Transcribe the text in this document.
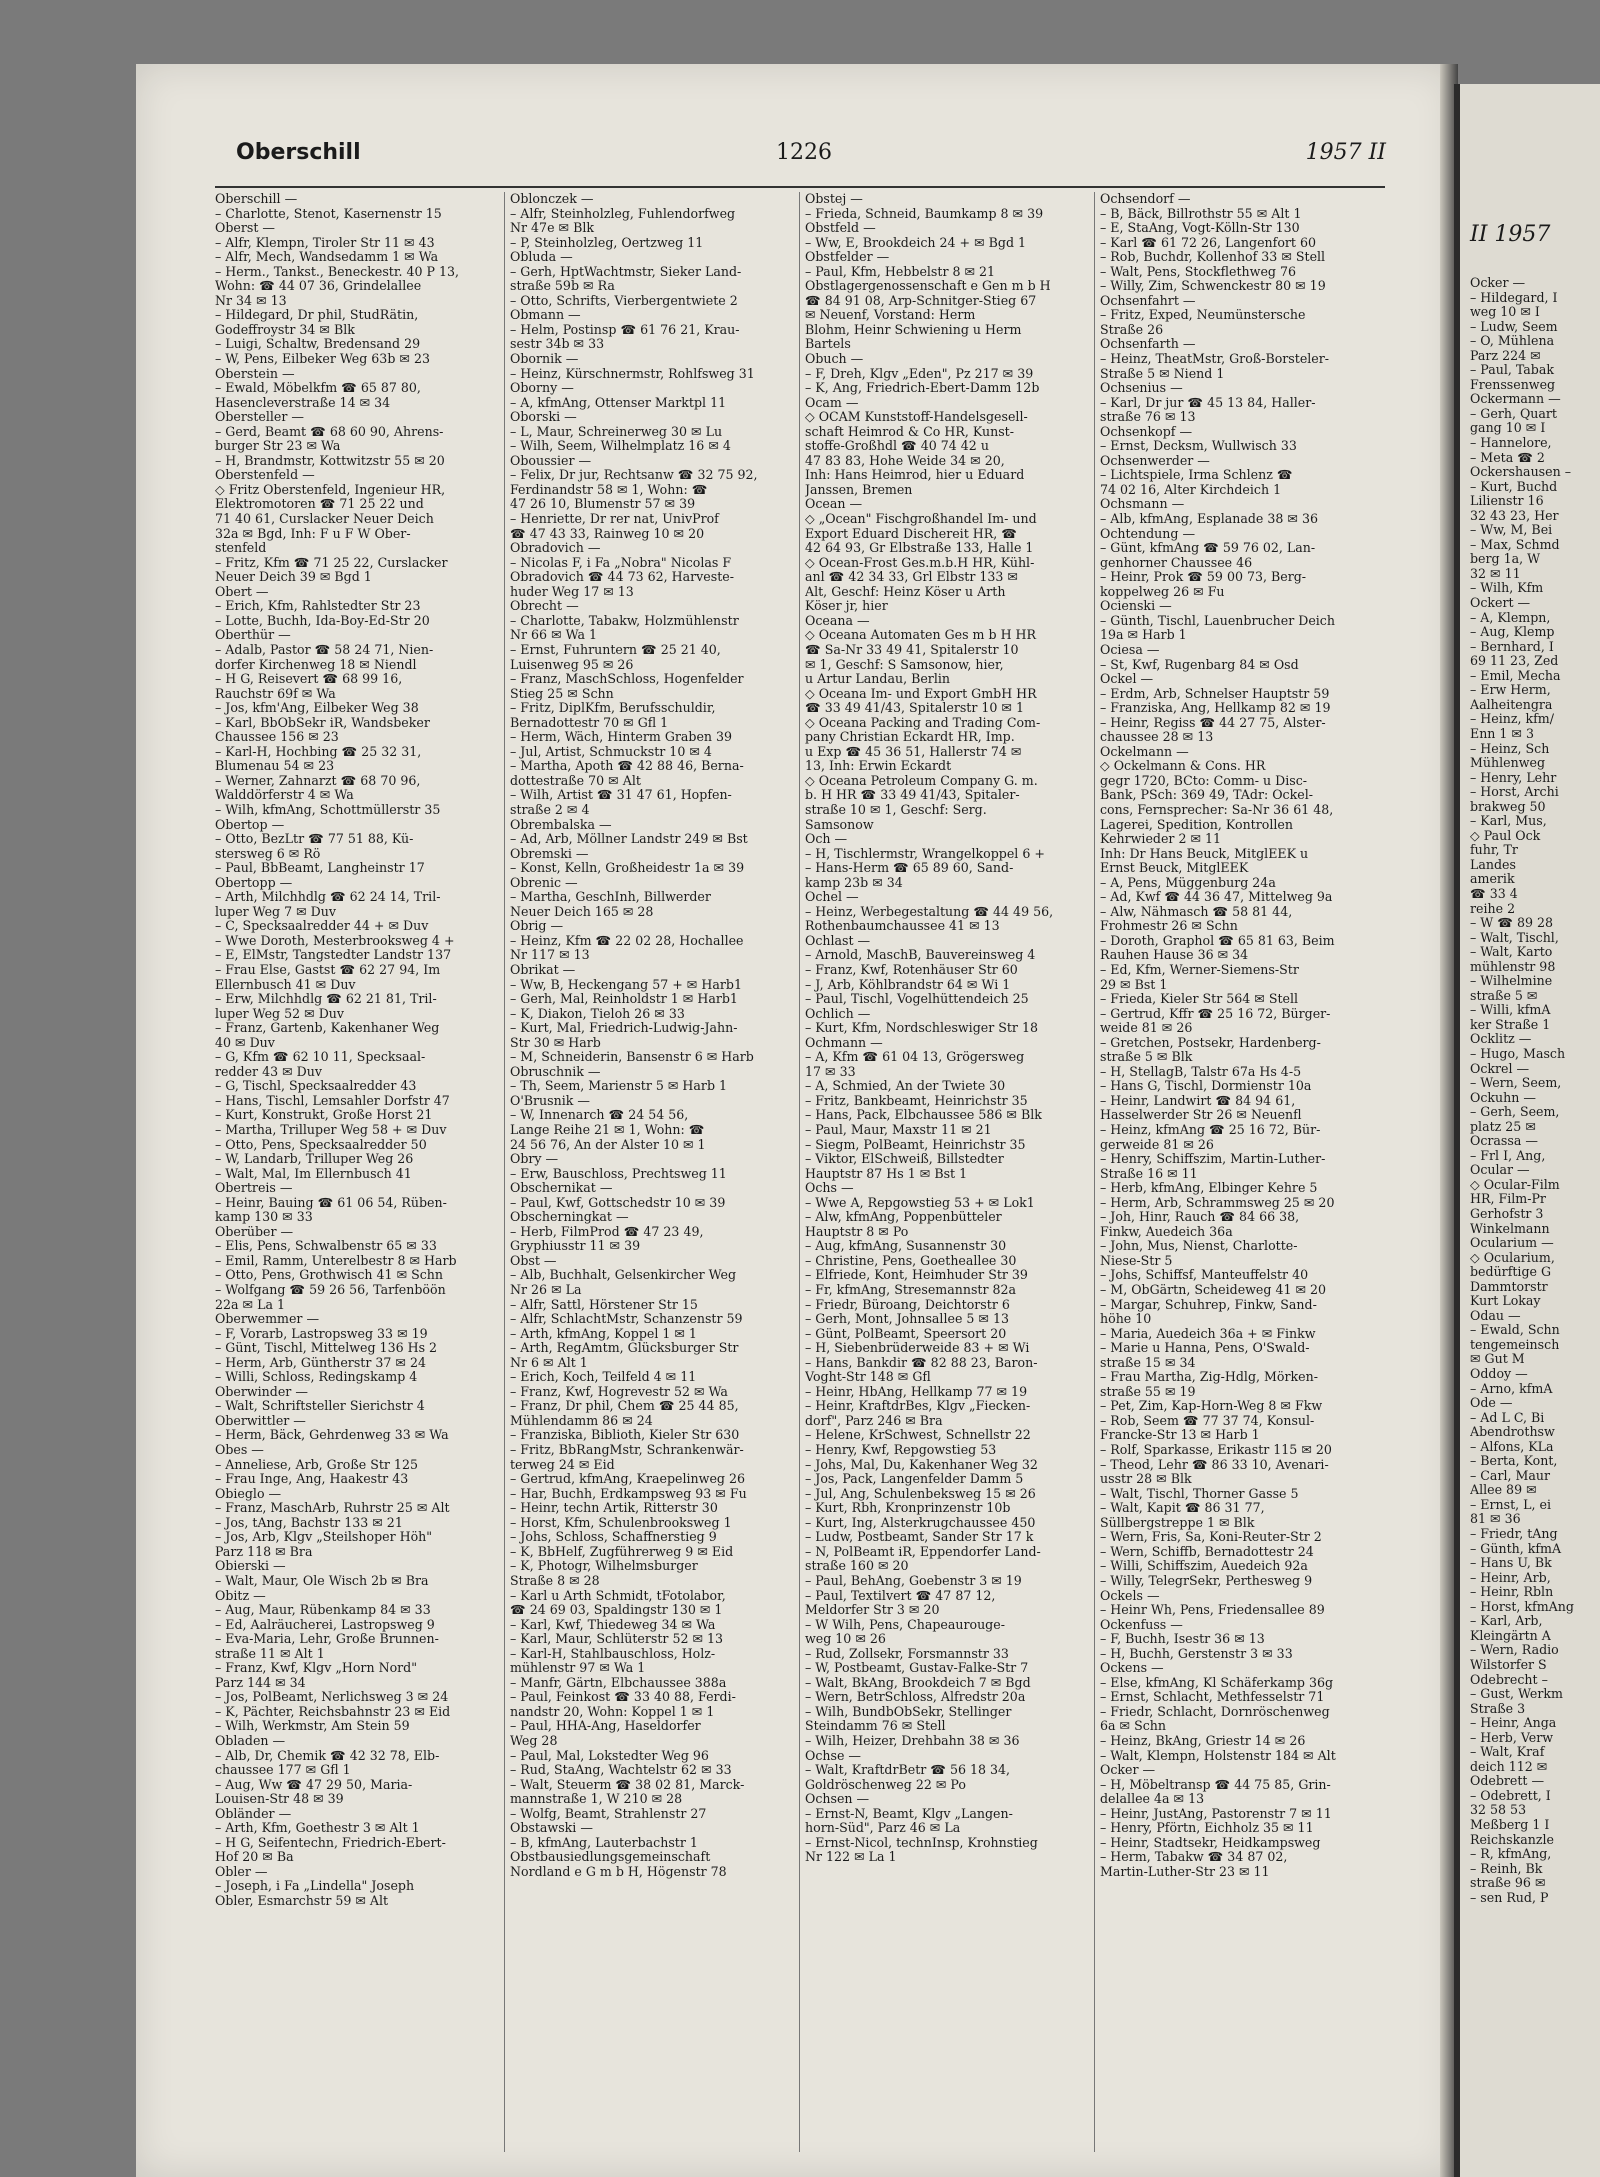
Oberschill	1226	1957 II
Oberschill —
– Charlotte, Stenot, Kasernenstr 15
Oberst —
– Alfr, Klempn, Tiroler Str 11 ✉ 43
– Alfr, Mech, Wandsedamm 1 ✉ Wa
– Herm., Tankst., Beneckestr. 40 P 13,
Wohn: ☎ 44 07 36, Grindelallee
Nr 34 ✉ 13
– Hildegard, Dr phil, StudRätin,
Godeffroystr 34 ✉ Blk
– Luigi, Schaltw, Bredensand 29
– W, Pens, Eilbeker Weg 63b ✉ 23
Oberstein —
– Ewald, Möbelkfm ☎ 65 87 80,
Hasencleverstraße 14 ✉ 34
Obersteller —
– Gerd, Beamt ☎ 68 60 90, Ahrens-
burger Str 23 ✉ Wa
– H, Brandmstr, Kottwitzstr 55 ✉ 20
Oberstenfeld —
◇ Fritz Oberstenfeld, Ingenieur HR,
Elektromotoren ☎ 71 25 22 und
71 40 61, Curslacker Neuer Deich
32a ✉ Bgd, Inh: F u F W Ober-
stenfeld
– Fritz, Kfm ☎ 71 25 22, Curslacker
Neuer Deich 39 ✉ Bgd 1
Obert —
– Erich, Kfm, Rahlstedter Str 23
– Lotte, Buchh, Ida-Boy-Ed-Str 20
Oberthür —
– Adalb, Pastor ☎ 58 24 71, Nien-
dorfer Kirchenweg 18 ✉ Niendl
– H G, Reisevert ☎ 68 99 16,
Rauchstr 69f ✉ Wa
– Jos, kfm'Ang, Eilbeker Weg 38
– Karl, BbObSekr iR, Wandsbeker
Chaussee 156 ✉ 23
– Karl-H, Hochbing ☎ 25 32 31,
Blumenau 54 ✉ 23
– Werner, Zahnarzt ☎ 68 70 96,
Walddörferstr 4 ✉ Wa
– Wilh, kfmAng, Schottmüllerstr 35
Obertop —
– Otto, BezLtr ☎ 77 51 88, Kü-
stersweg 6 ✉ Rö
– Paul, BbBeamt, Langheinstr 17
Obertopp —
– Arth, Milchhdlg ☎ 62 24 14, Tril-
luper Weg 7 ✉ Duv
– C, Specksaalredder 44 + ✉ Duv
– Wwe Doroth, Mesterbrooksweg 4 +
– E, ElMstr, Tangstedter Landstr 137
– Frau Else, Gastst ☎ 62 27 94, Im
Ellernbusch 41 ✉ Duv
– Erw, Milchhdlg ☎ 62 21 81, Tril-
luper Weg 52 ✉ Duv
– Franz, Gartenb, Kakenhaner Weg
40 ✉ Duv
– G, Kfm ☎ 62 10 11, Specksaal-
redder 43 ✉ Duv
– G, Tischl, Specksaalredder 43
– Hans, Tischl, Lemsahler Dorfstr 47
– Kurt, Konstrukt, Große Horst 21
– Martha, Trilluper Weg 58 + ✉ Duv
– Otto, Pens, Specksaalredder 50
– W, Landarb, Trilluper Weg 26
– Walt, Mal, Im Ellernbusch 41
Obertreis —
– Heinr, Bauing ☎ 61 06 54, Rüben-
kamp 130 ✉ 33
Oberüber —
– Elis, Pens, Schwalbenstr 65 ✉ 33
– Emil, Ramm, Unterelbestr 8 ✉ Harb
– Otto, Pens, Grothwisch 41 ✉ Schn
– Wolfgang ☎ 59 26 56, Tarfenböön
22a ✉ La 1
Oberwemmer —
– F, Vorarb, Lastropsweg 33 ✉ 19
– Günt, Tischl, Mittelweg 136 Hs 2
– Herm, Arb, Güntherstr 37 ✉ 24
– Willi, Schloss, Redingskamp 4
Oberwinder —
– Walt, Schriftsteller Sierichstr 4
Oberwittler —
– Herm, Bäck, Gehrdenweg 33 ✉ Wa
Obes —
– Anneliese, Arb, Große Str 125
– Frau Inge, Ang, Haakestr 43
Obieglo —
– Franz, MaschArb, Ruhrstr 25 ✉ Alt
– Jos, tAng, Bachstr 133 ✉ 21
– Jos, Arb, Klgv „Steilshoper Höh"
Parz 118 ✉ Bra
Obierski —
– Walt, Maur, Ole Wisch 2b ✉ Bra
Obitz —
– Aug, Maur, Rübenkamp 84 ✉ 33
– Ed, Aalräucherei, Lastropsweg 9
– Eva-Maria, Lehr, Große Brunnen-
straße 11 ✉ Alt 1
– Franz, Kwf, Klgv „Horn Nord"
Parz 144 ✉ 34
– Jos, PolBeamt, Nerlichsweg 3 ✉ 24
– K, Pächter, Reichsbahnstr 23 ✉ Eid
– Wilh, Werkmstr, Am Stein 59
Obladen —
– Alb, Dr, Chemik ☎ 42 32 78, Elb-
chaussee 177 ✉ Gfl 1
– Aug, Ww ☎ 47 29 50, Maria-
Louisen-Str 48 ✉ 39
Obländer —
– Arth, Kfm, Goethestr 3 ✉ Alt 1
– H G, Seifentechn, Friedrich-Ebert-
Hof 20 ✉ Ba
Obler —
– Joseph, i Fa „Lindella" Joseph
Obler, Esmarchstr 59 ✉ Alt
Oblonczek —
– Alfr, Steinholzleg, Fuhlendorfweg
Nr 47e ✉ Blk
– P, Steinholzleg, Oertzweg 11
Obluda —
– Gerh, HptWachtmstr, Sieker Land-
straße 59b ✉ Ra
– Otto, Schrifts, Vierbergentwiete 2
Obmann —
– Helm, Postinsp ☎ 61 76 21, Krau-
sestr 34b ✉ 33
Obornik —
– Heinz, Kürschnermstr, Rohlfsweg 31
Oborny —
– A, kfmAng, Ottenser Marktpl 11
Oborski —
– L, Maur, Schreinerweg 30 ✉ Lu
– Wilh, Seem, Wilhelmplatz 16 ✉ 4
Oboussier —
– Felix, Dr jur, Rechtsanw ☎ 32 75 92,
Ferdinandstr 58 ✉ 1, Wohn: ☎
47 26 10, Blumenstr 57 ✉ 39
– Henriette, Dr rer nat, UnivProf
☎ 47 43 33, Rainweg 10 ✉ 20
Obradovich —
– Nicolas F, i Fa „Nobra" Nicolas F
Obradovich ☎ 44 73 62, Harveste-
huder Weg 17 ✉ 13
Obrecht —
– Charlotte, Tabakw, Holzmühlenstr
Nr 66 ✉ Wa 1
– Ernst, Fuhruntern ☎ 25 21 40,
Luisenweg 95 ✉ 26
– Franz, MaschSchloss, Hogenfelder
Stieg 25 ✉ Schn
– Fritz, DiplKfm, Berufsschuldir,
Bernadottestr 70 ✉ Gfl 1
– Herm, Wäch, Hinterm Graben 39
– Jul, Artist, Schmuckstr 10 ✉ 4
– Martha, Apoth ☎ 42 88 46, Berna-
dottestraße 70 ✉ Alt
– Wilh, Artist ☎ 31 47 61, Hopfen-
straße 2 ✉ 4
Obrembalska —
– Ad, Arb, Möllner Landstr 249 ✉ Bst
Obremski —
– Konst, Kelln, Großheidestr 1a ✉ 39
Obrenic —
– Martha, GeschInh, Billwerder
Neuer Deich 165 ✉ 28
Obrig —
– Heinz, Kfm ☎ 22 02 28, Hochallee
Nr 117 ✉ 13
Obrikat —
– Ww, B, Heckengang 57 + ✉ Harb1
– Gerh, Mal, Reinholdstr 1 ✉ Harb1
– K, Diakon, Tieloh 26 ✉ 33
– Kurt, Mal, Friedrich-Ludwig-Jahn-
Str 30 ✉ Harb
– M, Schneiderin, Bansenstr 6 ✉ Harb
Obruschnik —
– Th, Seem, Marienstr 5 ✉ Harb 1
O'Brusnik —
– W, Innenarch ☎ 24 54 56,
Lange Reihe 21 ✉ 1, Wohn: ☎
24 56 76, An der Alster 10 ✉ 1
Obry —
– Erw, Bauschloss, Prechtsweg 11
Obschernikat —
– Paul, Kwf, Gottschedstr 10 ✉ 39
Obscherningkat —
– Herb, FilmProd ☎ 47 23 49,
Gryphiusstr 11 ✉ 39
Obst —
– Alb, Buchhalt, Gelsenkircher Weg
Nr 26 ✉ La
– Alfr, Sattl, Hörstener Str 15
– Alfr, SchlachtMstr, Schanzenstr 59
– Arth, kfmAng, Koppel 1 ✉ 1
– Arth, RegAmtm, Glücksburger Str
Nr 6 ✉ Alt 1
– Erich, Koch, Teilfeld 4 ✉ 11
– Franz, Kwf, Hogrevestr 52 ✉ Wa
– Franz, Dr phil, Chem ☎ 25 44 85,
Mühlendamm 86 ✉ 24
– Franziska, Biblioth, Kieler Str 630
– Fritz, BbRangMstr, Schrankenwär-
terweg 24 ✉ Eid
– Gertrud, kfmAng, Kraepelinweg 26
– Har, Buchh, Erdkampsweg 93 ✉ Fu
– Heinr, techn Artik, Ritterstr 30
– Horst, Kfm, Schulenbrooksweg 1
– Johs, Schloss, Schaffnerstieg 9
– K, BbHelf, Zugführerweg 9 ✉ Eid
– K, Photogr, Wilhelmsburger
Straße 8 ✉ 28
– Karl u Arth Schmidt, tFotolabor,
☎ 24 69 03, Spaldingstr 130 ✉ 1
– Karl, Kwf, Thiedeweg 34 ✉ Wa
– Karl, Maur, Schlüterstr 52 ✉ 13
– Karl-H, Stahlbauschloss, Holz-
mühlenstr 97 ✉ Wa 1
– Manfr, Gärtn, Elbchaussee 388a
– Paul, Feinkost ☎ 33 40 88, Ferdi-
nandstr 20, Wohn: Koppel 1 ✉ 1
– Paul, HHA-Ang, Haseldorfer
Weg 28
– Paul, Mal, Lokstedter Weg 96
– Rud, StaAng, Wachtelstr 62 ✉ 33
– Walt, Steuerm ☎ 38 02 81, Marck-
mannstraße 1, W 210 ✉ 28
– Wolfg, Beamt, Strahlenstr 27
Obstawski —
– B, kfmAng, Lauterbachstr 1
Obstbausiedlungsgemeinschaft
Nordland e G m b H, Högenstr 78
Obstej —
– Frieda, Schneid, Baumkamp 8 ✉ 39
Obstfeld —
– Ww, E, Brookdeich 24 + ✉ Bgd 1
Obstfelder —
– Paul, Kfm, Hebbelstr 8 ✉ 21
Obstlagergenossenschaft e Gen m b H
☎ 84 91 08, Arp-Schnitger-Stieg 67
✉ Neuenf, Vorstand: Herm
Blohm, Heinr Schwiening u Herm
Bartels
Obuch —
– F, Dreh, Klgv „Eden", Pz 217 ✉ 39
– K, Ang, Friedrich-Ebert-Damm 12b
Ocam —
◇ OCAM Kunststoff-Handelsgesell-
schaft Heimrod & Co HR, Kunst-
stoffe-Großhdl ☎ 40 74 42 u
47 83 83, Hohe Weide 34 ✉ 20,
Inh: Hans Heimrod, hier u Eduard
Janssen, Bremen
Ocean —
◇ „Ocean" Fischgroßhandel Im- und
Export Eduard Dischereit HR, ☎
42 64 93, Gr Elbstraße 133, Halle 1
◇ Ocean-Frost Ges.m.b.H HR, Kühl-
anl ☎ 42 34 33, Grl Elbstr 133 ✉
Alt, Geschf: Heinz Köser u Arth
Köser jr, hier
Oceana —
◇ Oceana Automaten Ges m b H HR
☎ Sa-Nr 33 49 41, Spitalerstr 10
✉ 1, Geschf: S Samsonow, hier,
u Artur Landau, Berlin
◇ Oceana Im- und Export GmbH HR
☎ 33 49 41/43, Spitalerstr 10 ✉ 1
◇ Oceana Packing and Trading Com-
pany Christian Eckardt HR, Imp.
u Exp ☎ 45 36 51, Hallerstr 74 ✉
13, Inh: Erwin Eckardt
◇ Oceana Petroleum Company G. m.
b. H HR ☎ 33 49 41/43, Spitaler-
straße 10 ✉ 1, Geschf: Serg.
Samsonow
Och —
– H, Tischlermstr, Wrangelkoppel 6 +
– Hans-Herm ☎ 65 89 60, Sand-
kamp 23b ✉ 34
Ochel —
– Heinz, Werbegestaltung ☎ 44 49 56,
Rothenbaumchaussee 41 ✉ 13
Ochlast —
– Arnold, MaschB, Bauvereinsweg 4
– Franz, Kwf, Rotenhäuser Str 60
– J, Arb, Köhlbrandstr 64 ✉ Wi 1
– Paul, Tischl, Vogelhüttendeich 25
Ochlich —
– Kurt, Kfm, Nordschleswiger Str 18
Ochmann —
– A, Kfm ☎ 61 04 13, Grögersweg
17 ✉ 33
– A, Schmied, An der Twiete 30
– Fritz, Bankbeamt, Heinrichstr 35
– Hans, Pack, Elbchaussee 586 ✉ Blk
– Paul, Maur, Maxstr 11 ✉ 21
– Siegm, PolBeamt, Heinrichstr 35
– Viktor, ElSchweiß, Billstedter
Hauptstr 87 Hs 1 ✉ Bst 1
Ochs —
– Wwe A, Repgowstieg 53 + ✉ Lok1
– Alw, kfmAng, Poppenbütteler
Hauptstr 8 ✉ Po
– Aug, kfmAng, Susannenstr 30
– Christine, Pens, Goetheallee 30
– Elfriede, Kont, Heimhuder Str 39
– Fr, kfmAng, Stresemannstr 82a
– Friedr, Büroang, Deichtorstr 6
– Gerh, Mont, Johnsallee 5 ✉ 13
– Günt, PolBeamt, Speersort 20
– H, Siebenbrüderweide 83 + ✉ Wi
– Hans, Bankdir ☎ 82 88 23, Baron-
Voght-Str 148 ✉ Gfl
– Heinr, HbAng, Hellkamp 77 ✉ 19
– Heinr, KraftdrBes, Klgv „Fiecken-
dorf", Parz 246 ✉ Bra
– Helene, KrSchwest, Schnellstr 22
– Henry, Kwf, Repgowstieg 53
– Johs, Mal, Du, Kakenhaner Weg 32
– Jos, Pack, Langenfelder Damm 5
– Jul, Ang, Schulenbeksweg 15 ✉ 26
– Kurt, Rbh, Kronprinzenstr 10b
– Kurt, Ing, Alsterkrugchaussee 450
– Ludw, Postbeamt, Sander Str 17 k
– N, PolBeamt iR, Eppendorfer Land-
straße 160 ✉ 20
– Paul, BehAng, Goebenstr 3 ✉ 19
– Paul, Textilvert ☎ 47 87 12,
Meldorfer Str 3 ✉ 20
– W Wilh, Pens, Chapeaurouge-
weg 10 ✉ 26
– Rud, Zollsekr, Forsmannstr 33
– W, Postbeamt, Gustav-Falke-Str 7
– Walt, BkAng, Brookdeich 7 ✉ Bgd
– Wern, BetrSchloss, Alfredstr 20a
– Wilh, BundbObSekr, Stellinger
Steindamm 76 ✉ Stell
– Wilh, Heizer, Drehbahn 38 ✉ 36
Ochse —
– Walt, KraftdrBetr ☎ 56 18 34,
Goldröschenweg 22 ✉ Po
Ochsen —
– Ernst-N, Beamt, Klgv „Langen-
horn-Süd", Parz 46 ✉ La
– Ernst-Nicol, technInsp, Krohnstieg
Nr 122 ✉ La 1
Ochsendorf —
– B, Bäck, Billrothstr 55 ✉ Alt 1
– E, StaAng, Vogt-Kölln-Str 130
– Karl ☎ 61 72 26, Langenfort 60
– Rob, Buchdr, Kollenhof 33 ✉ Stell
– Walt, Pens, Stockflethweg 76
– Willy, Zim, Schwenckestr 80 ✉ 19
Ochsenfahrt —
– Fritz, Exped, Neumünstersche
Straße 26
Ochsenfarth —
– Heinz, TheatMstr, Groß-Borsteler-
Straße 5 ✉ Niend 1
Ochsenius —
– Karl, Dr jur ☎ 45 13 84, Haller-
straße 76 ✉ 13
Ochsenkopf —
– Ernst, Decksm, Wullwisch 33
Ochsenwerder —
– Lichtspiele, Irma Schlenz ☎
74 02 16, Alter Kirchdeich 1
Ochsmann —
– Alb, kfmAng, Esplanade 38 ✉ 36
Ochtendung —
– Günt, kfmAng ☎ 59 76 02, Lan-
genhorner Chaussee 46
– Heinr, Prok ☎ 59 00 73, Berg-
koppelweg 26 ✉ Fu
Ocienski —
– Günth, Tischl, Lauenbrucher Deich
19a ✉ Harb 1
Ociesa —
– St, Kwf, Rugenbarg 84 ✉ Osd
Ockel —
– Erdm, Arb, Schnelser Hauptstr 59
– Franziska, Ang, Hellkamp 82 ✉ 19
– Heinr, Regiss ☎ 44 27 75, Alster-
chaussee 28 ✉ 13
Ockelmann —
◇ Ockelmann & Cons. HR
gegr 1720, BCto: Comm- u Disc-
Bank, PSch: 369 49, TAdr: Ockel-
cons, Fernsprecher: Sa-Nr 36 61 48,
Lagerei, Spedition, Kontrollen
Kehrwieder 2 ✉ 11
Inh: Dr Hans Beuck, MitglEEK u
Ernst Beuck, MitglEEK
– A, Pens, Müggenburg 24a
– Ad, Kwf ☎ 44 36 47, Mittelweg 9a
– Alw, Nähmasch ☎ 58 81 44,
Frohmestr 26 ✉ Schn
– Doroth, Graphol ☎ 65 81 63, Beim
Rauhen Hause 36 ✉ 34
– Ed, Kfm, Werner-Siemens-Str
29 ✉ Bst 1
– Frieda, Kieler Str 564 ✉ Stell
– Gertrud, Kffr ☎ 25 16 72, Bürger-
weide 81 ✉ 26
– Gretchen, Postsekr, Hardenberg-
straße 5 ✉ Blk
– H, StellagB, Talstr 67a Hs 4-5
– Hans G, Tischl, Dormienstr 10a
– Heinr, Landwirt ☎ 84 94 61,
Hasselwerder Str 26 ✉ Neuenfl
– Heinz, kfmAng ☎ 25 16 72, Bür-
gerweide 81 ✉ 26
– Henry, Schiffszim, Martin-Luther-
Straße 16 ✉ 11
– Herb, kfmAng, Elbinger Kehre 5
– Herm, Arb, Schrammsweg 25 ✉ 20
– Joh, Hinr, Rauch ☎ 84 66 38,
Finkw, Auedeich 36a
– John, Mus, Nienst, Charlotte-
Niese-Str 5
– Johs, Schiffsf, Manteuffelstr 40
– M, ObGärtn, Scheideweg 41 ✉ 20
– Margar, Schuhrep, Finkw, Sand-
höhe 10
– Maria, Auedeich 36a + ✉ Finkw
– Marie u Hanna, Pens, O'Swald-
straße 15 ✉ 34
– Frau Martha, Zig-Hdlg, Mörken-
straße 55 ✉ 19
– Pet, Zim, Kap-Horn-Weg 8 ✉ Fkw
– Rob, Seem ☎ 77 37 74, Konsul-
Francke-Str 13 ✉ Harb 1
– Rolf, Sparkasse, Erikastr 115 ✉ 20
– Theod, Lehr ☎ 86 33 10, Avenari-
usstr 28 ✉ Blk
– Walt, Tischl, Thorner Gasse 5
– Walt, Kapit ☎ 86 31 77,
Süllbergstreppe 1 ✉ Blk
– Wern, Fris, Sa, Koni-Reuter-Str 2
– Wern, Schiffb, Bernadottestr 24
– Willi, Schiffszim, Auedeich 92a
– Willy, TelegrSekr, Perthesweg 9
Ockels —
– Heinr Wh, Pens, Friedensallee 89
Ockenfuss —
– F, Buchh, Isestr 36 ✉ 13
– H, Buchh, Gerstenstr 3 ✉ 33
Ockens —
– Else, kfmAng, Kl Schäferkamp 36g
– Ernst, Schlacht, Methfesselstr 71
– Friedr, Schlacht, Dornröschenweg
6a ✉ Schn
– Heinz, BkAng, Griestr 14 ✉ 26
– Walt, Klempn, Holstenstr 184 ✉ Alt
Ocker —
– H, Möbeltransp ☎ 44 75 85, Grin-
delallee 4a ✉ 13
– Heinr, JustAng, Pastorenstr 7 ✉ 11
– Henry, Pförtn, Eichholz 35 ✉ 11
– Heinr, Stadtsekr, Heidkampsweg
– Herm, Tabakw ☎ 34 87 02,
Martin-Luther-Str 23 ✉ 11
II 1957
Ocker —
– Hildegard, I
weg 10 ✉ I
– Ludw, Seem
– O, Mühlena
Parz 224 ✉
– Paul, Tabak
Frenssenweg
Ockermann —
– Gerh, Quart
gang 10 ✉ I
– Hannelore,
– Meta ☎ 2
Ockershausen –
– Kurt, Buchd
Lilienstr 16
32 43 23, Her
– Ww, M, Bei
– Max, Schmd
berg 1a, W
32 ✉ 11
– Wilh, Kfm
Ockert —
– A, Klempn,
– Aug, Klemp
– Bernhard, I
69 11 23, Zed
– Emil, Mecha
– Erw Herm,
Aalheitengra
– Heinz, kfm/
Enn 1 ✉ 3
– Heinz, Sch
Mühlenweg
– Henry, Lehr
– Horst, Archi
brakweg 50
– Karl, Mus,
◇ Paul Ock
fuhr, Tr
Landes
amerik
☎ 33 4
reihe 2
– W ☎ 89 28
– Walt, Tischl,
– Walt, Karto
mühlenstr 98
– Wilhelmine
straße 5 ✉
– Willi, kfmA
ker Straße 1
Ocklitz —
– Hugo, Masch
Ockrel —
– Wern, Seem,
Ockuhn —
– Gerh, Seem,
platz 25 ✉
Ocrassa —
– Frl I, Ang,
Ocular —
◇ Ocular-Film
HR, Film-Pr
Gerhofstr 3
Winkelmann
Ocularium —
◇ Ocularium,
bedürftige G
Dammtorstr
Kurt Lokay
Odau —
– Ewald, Schn
tengemeinsch
✉ Gut M
Oddoy —
– Arno, kfmA
Ode —
– Ad L C, Bi
Abendrothsw
– Alfons, KLa
– Berta, Kont,
– Carl, Maur
Allee 89 ✉
– Ernst, L, ei
81 ✉ 36
– Friedr, tAng
– Günth, kfmA
– Hans U, Bk
– Heinr, Arb,
– Heinr, Rbln
– Horst, kfmAng
– Karl, Arb,
Kleingärtn A
– Wern, Radio
Wilstorfer S
Odebrecht –
– Gust, Werkm
Straße 3
– Heinr, Anga
– Herb, Verw
– Walt, Kraf
deich 112 ✉
Odebrett —
– Odebrett, I
32 58 53
Meßberg 1 I
Reichskanzle
– R, kfmAng,
– Reinh, Bk
straße 96 ✉
– sen Rud, P
